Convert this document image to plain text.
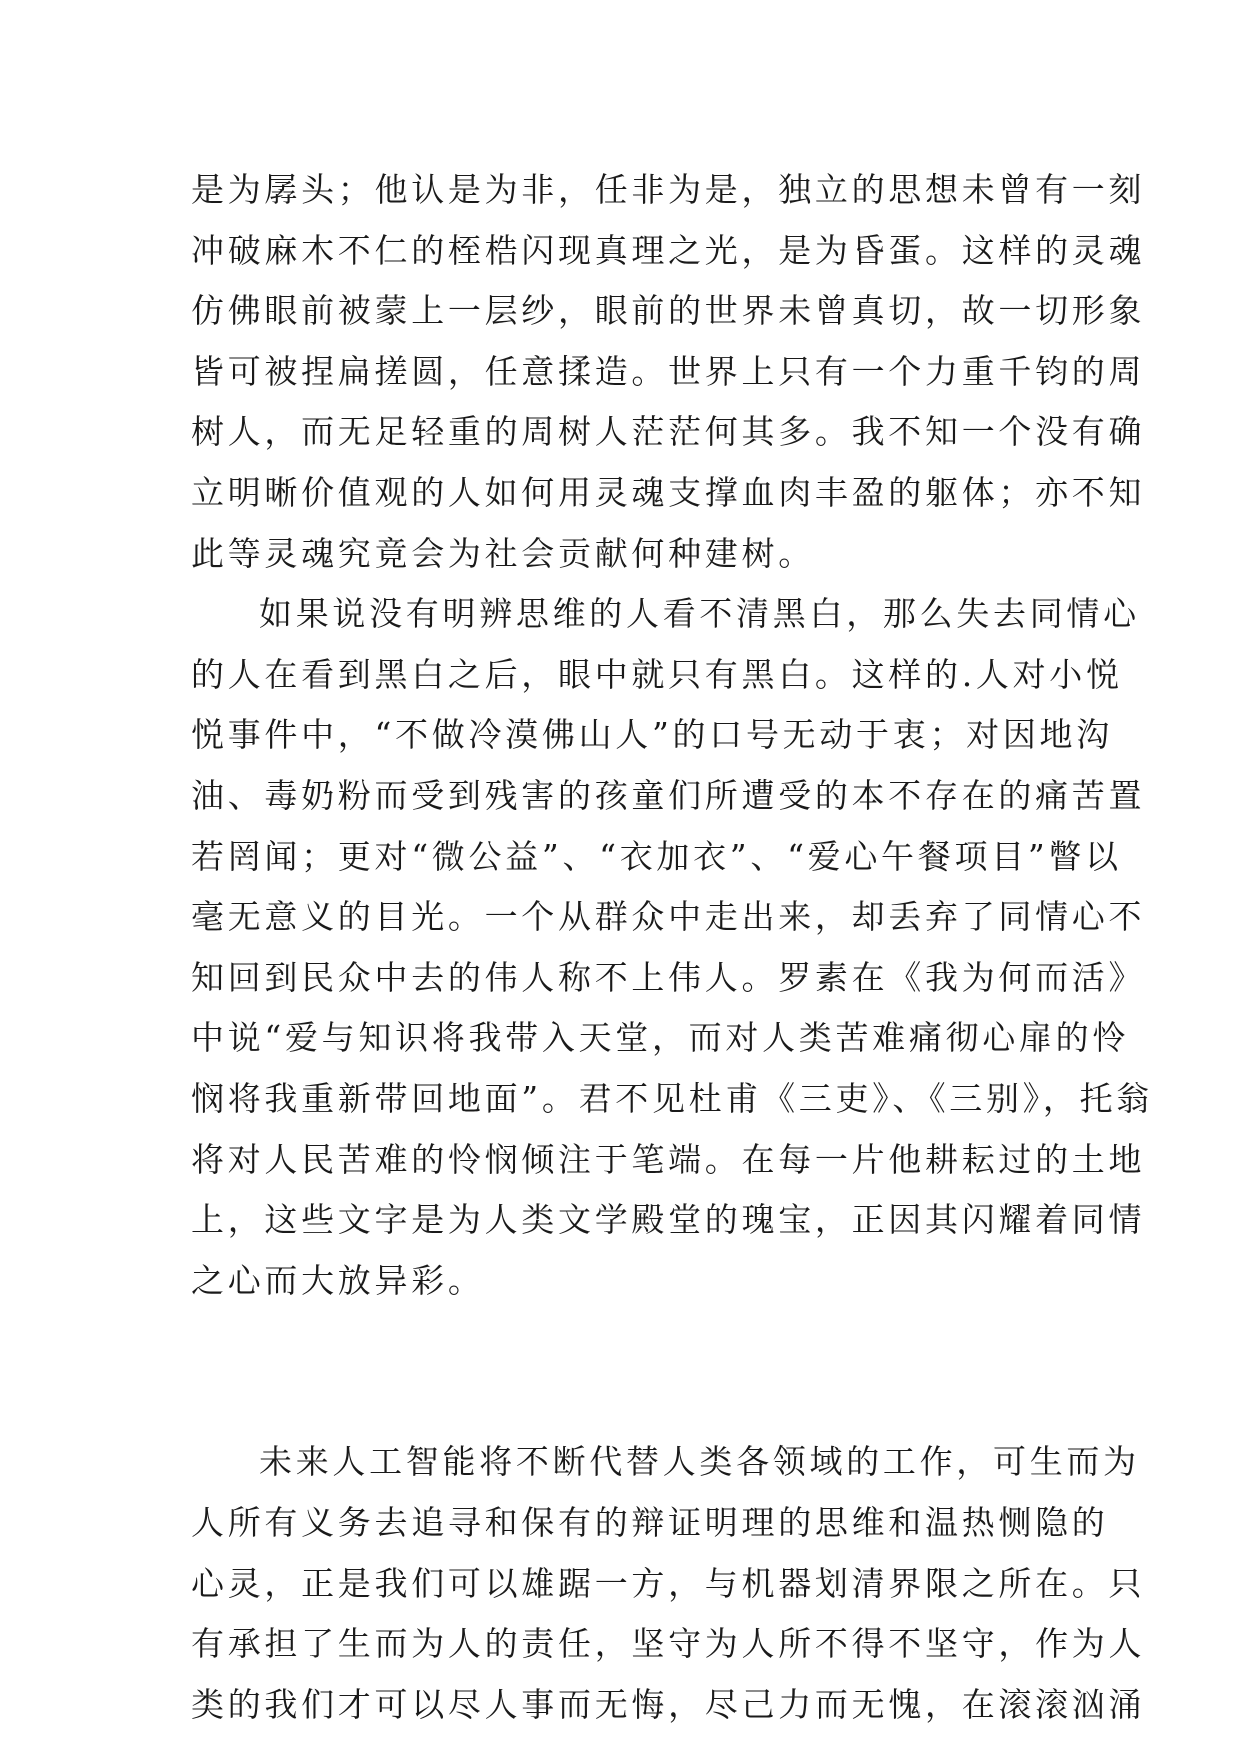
是为孱头；他认是为非，任非为是，独立的思想未曾有一刻
冲破麻木不仁的桎梏闪现真理之光，是为昏蛋。这样的灵魂
仿佛眼前被蒙上一层纱，眼前的世界未曾真切，故一切形象
皆可被捏扁搓圆，任意揉造。世界上只有一个力重千钧的周
树人，而无足轻重的周树人茫茫何其多。我不知一个没有确
立明晰价值观的人如何用灵魂支撑血肉丰盈的躯体；亦不知
此等灵魂究竟会为社会贡献何种建树。
如果说没有明辨思维的人看不清黑白，那么失去同情心
的人在看到黑白之后，眼中就只有黑白。这样的.人对小悦
悦事件中，“不做冷漠佛山人”的口号无动于衷；对因地沟
油、毒奶粉而受到残害的孩童们所遭受的本不存在的痛苦置
若罔闻；更对“微公益”、“衣加衣”、“爱心午餐项目”瞥以
毫无意义的目光。一个从群众中走出来，却丢弃了同情心不
知回到民众中去的伟人称不上伟人。罗素在《我为何而活》
中说“爱与知识将我带入天堂，而对人类苦难痛彻心扉的怜
悯将我重新带回地面”。君不见杜甫《三吏》、《三别》，托翁
将对人民苦难的怜悯倾注于笔端。在每一片他耕耘过的土地
上，这些文字是为人类文学殿堂的瑰宝，正因其闪耀着同情
之心而大放异彩。
未来人工智能将不断代替人类各领域的工作，可生而为
人所有义务去追寻和保有的辩证明理的思维和温热恻隐的
心灵，正是我们可以雄踞一方，与机器划清界限之所在。只
有承担了生而为人的责任，坚守为人所不得不坚守，作为人
类的我们才可以尽人事而无悔，尽己力而无愧，在滚滚汹涌
